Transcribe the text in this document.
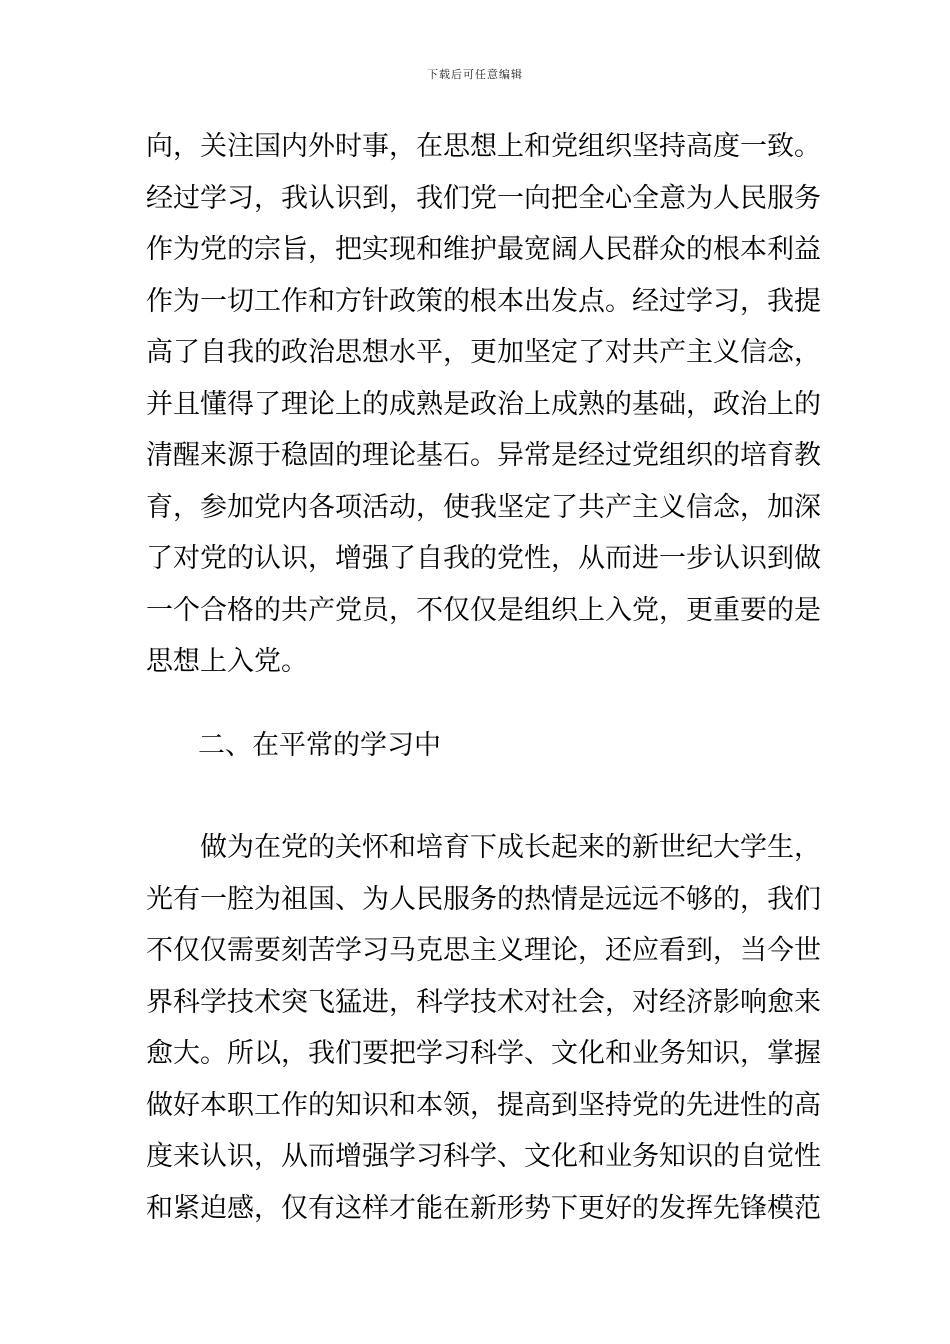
下载后可任意编辑
向，关注国内外时事，在思想上和党组织坚持高度一致。
经过学习，我认识到，我们党一向把全心全意为人民服务
作为党的宗旨，把实现和维护最宽阔人民群众的根本利益
作为一切工作和方针政策的根本出发点。经过学习，我提
高了自我的政治思想水平，更加坚定了对共产主义信念，
并且懂得了理论上的成熟是政治上成熟的基础，政治上的
清醒来源于稳固的理论基石。异常是经过党组织的培育教
育，参加党内各项活动，使我坚定了共产主义信念，加深
了对党的认识，增强了自我的党性，从而进一步认识到做
一个合格的共产党员，不仅仅是组织上入党，更重要的是
思想上入党。
二、在平常的学习中
做为在党的关怀和培育下成长起来的新世纪大学生，
光有一腔为祖国、为人民服务的热情是远远不够的，我们
不仅仅需要刻苦学习马克思主义理论，还应看到，当今世
界科学技术突飞猛进，科学技术对社会，对经济影响愈来
愈大。所以，我们要把学习科学、文化和业务知识，掌握
做好本职工作的知识和本领，提高到坚持党的先进性的高
度来认识，从而增强学习科学、文化和业务知识的自觉性
和紧迫感，仅有这样才能在新形势下更好的发挥先锋模范
